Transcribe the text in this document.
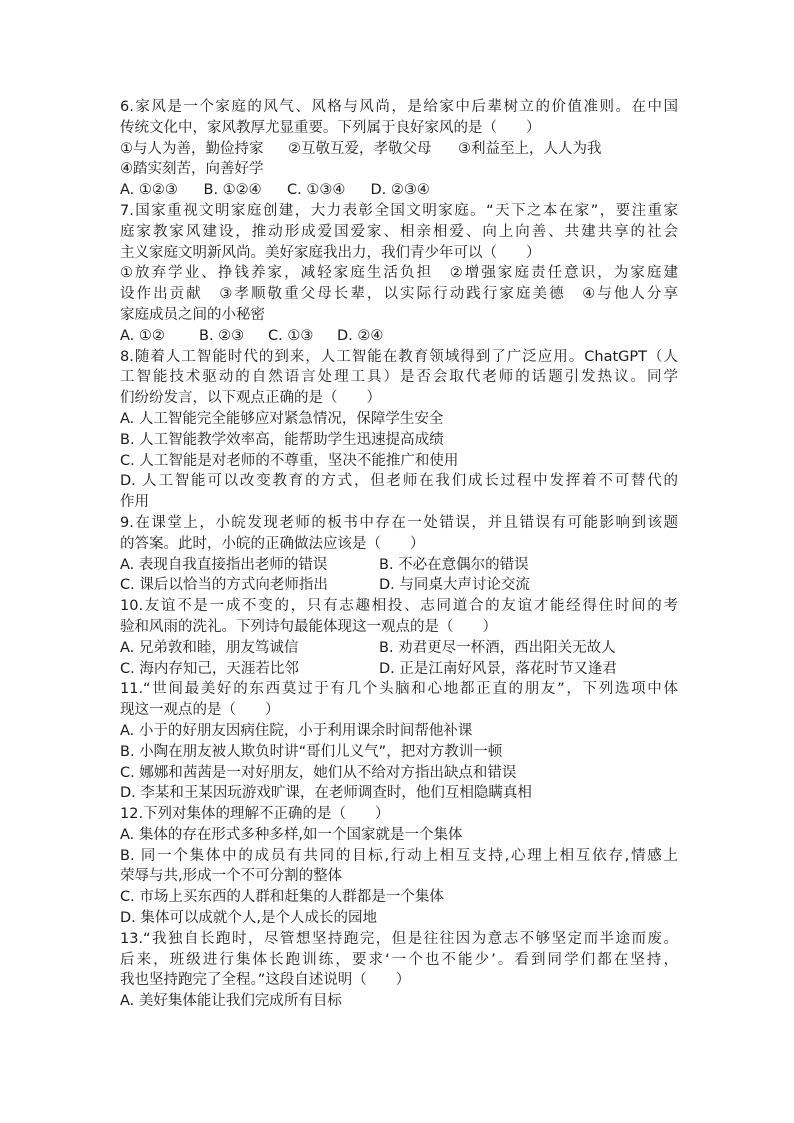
6.家风是一个家庭的风气、风格与风尚，是给家中后辈树立的价值准则。在中国
传统文化中，家风教厚尤显重要。下列属于良好家风的是（　　）
①与人为善，勤俭持家	②互敬互爱，孝敬父母	③利益至上，人人为我
④踏实刻苦，向善好学
A. ①②③	B. ①②④	C. ①③④	D. ②③④
7.国家重视文明家庭创建，大力表彰全国文明家庭。“天下之本在家”，要注重家
庭家教家风建设，推动形成爱国爱家、相亲相爱、向上向善、共建共享的社会
主义家庭文明新风尚。美好家庭我出力，我们青少年可以（　　）
①放弃学业、挣钱养家，减轻家庭生活负担　②增强家庭责任意识，为家庭建
设作出贡献　③孝顺敬重父母长辈，以实际行动践行家庭美德　④与他人分享
家庭成员之间的小秘密
A. ①②	B. ②③	C. ①③	D. ②④
8.随着人工智能时代的到来，人工智能在教育领域得到了广泛应用。ChatGPT（人
工智能技术驱动的自然语言处理工具）是否会取代老师的话题引发热议。同学
们纷纷发言，以下观点正确的是（　　）
A. 人工智能完全能够应对紧急情况，保障学生安全
B. 人工智能教学效率高，能帮助学生迅速提高成绩
C. 人工智能是对老师的不尊重，坚决不能推广和使用
D. 人工智能可以改变教育的方式，但老师在我们成长过程中发挥着不可替代的
作用
9.在课堂上，小皖发现老师的板书中存在一处错误，并且错误有可能影响到该题
的答案。此时，小皖的正确做法应该是（　　）
A. 表现自我直接指出老师的错误	B. 不必在意偶尔的错误
C. 课后以恰当的方式向老师指出	D. 与同桌大声讨论交流
10.友谊不是一成不变的，只有志趣相投、志同道合的友谊才能经得住时间的考
验和风雨的洗礼。下列诗句最能体现这一观点的是（　　）
A. 兄弟敦和睦，朋友笃诚信	B. 劝君更尽一杯酒，西出阳关无故人
C. 海内存知己，天涯若比邻	D. 正是江南好风景，落花时节又逢君
11.“世间最美好的东西莫过于有几个头脑和心地都正直的朋友”，下列选项中体
现这一观点的是（　　）
A. 小于的好朋友因病住院，小于利用课余时间帮他补课
B. 小陶在朋友被人欺负时讲“哥们儿义气”，把对方教训一顿
C. 娜娜和茜茜是一对好朋友，她们从不给对方指出缺点和错误
D. 李某和王某因玩游戏旷课，在老师调查时，他们互相隐瞒真相
12.下列对集体的理解不正确的是（　　）
A. 集体的存在形式多种多样,如一个国家就是一个集体
B. 同一个集体中的成员有共同的目标,行动上相互支持,心理上相互依存,情感上
荣辱与共,形成一个不可分割的整体
C. 市场上买东西的人群和赶集的人群都是一个集体
D. 集体可以成就个人,是个人成长的园地
13.“我独自长跑时，尽管想坚持跑完，但是往往因为意志不够坚定而半途而废。
后来，班级进行集体长跑训练，要求‘一个也不能少’。看到同学们都在坚持，
我也坚持跑完了全程。”这段自述说明（　　）
A. 美好集体能让我们完成所有目标
